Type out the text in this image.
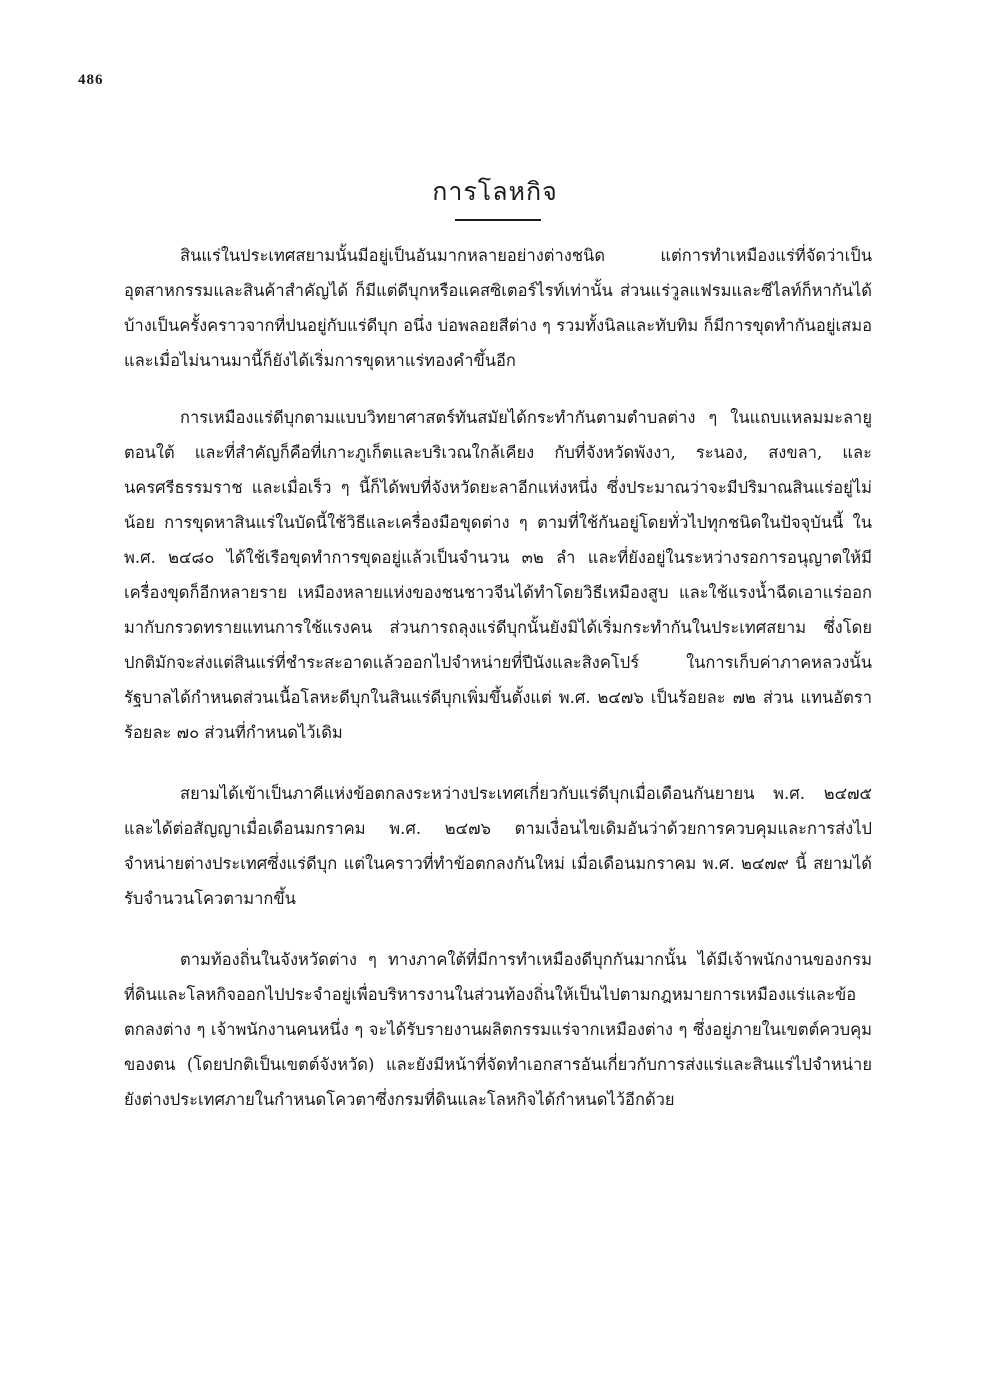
486
การโลหกิจ

สินแร่ในประเทศสยามนั้นมีอยู่เป็นอันมากหลายอย่างต่างชนิด แต่การทำเหมืองแร่ที่จัดว่าเป็นอุตสาหกรรมและสินค้าสำคัญได้ ก็มีแต่ดีบุกหรือแคสซิเตอร์ไรท์เท่านั้น ส่วนแร่วูลแฟรมและซีไลท์ก็หากันได้บ้างเป็นครั้งคราวจากที่ปนอยู่กับแร่ดีบุก อนึ่ง บ่อพลอยสีต่าง ๆ รวมทั้งนิลและทับทิม ก็มีการขุดทำกันอยู่เสมอ และเมื่อไม่นานมานี้ก็ยังได้เริ่มการขุดหาแร่ทองคำขึ้นอีก

การเหมืองแร่ดีบุกตามแบบวิทยาศาสตร์ทันสมัยได้กระทำกันตามตำบลต่าง ๆ ในแถบแหลมมะลายูตอนใต้ และที่สำคัญก็คือที่เกาะภูเก็ตและบริเวณใกล้เคียง กับที่จังหวัดพังงา, ระนอง, สงขลา, และนครศรีธรรมราช และเมื่อเร็ว ๆ นี้ก็ได้พบที่จังหวัดยะลาอีกแห่งหนึ่ง ซึ่งประมาณว่าจะมีปริมาณสินแร่อยู่ไม่น้อย การขุดหาสินแร่ในบัดนี้ใช้วิธีและเครื่องมือขุดต่าง ๆ ตามที่ใช้กันอยู่โดยทั่วไปทุกชนิดในปัจจุบันนี้ ใน พ.ศ. ๒๔๘๐ ได้ใช้เรือขุดทำการขุดอยู่แล้วเป็นจำนวน ๓๒ ลำ และที่ยังอยู่ในระหว่างรอการอนุญาตให้มีเครื่องขุดก็อีกหลายราย เหมืองหลายแห่งของชนชาวจีนได้ทำโดยวิธีเหมืองสูบ และใช้แรงน้ำฉีดเอาแร่ออกมากับกรวดทรายแทนการใช้แรงคน ส่วนการถลุงแร่ดีบุกนั้นยังมิได้เริ่มกระทำกันในประเทศสยาม ซึ่งโดยปกติมักจะส่งแต่สินแร่ที่ชำระสะอาดแล้วออกไปจำหน่ายที่ปีนังและสิงคโปร์ ในการเก็บค่าภาคหลวงนั้น รัฐบาลได้กำหนดส่วนเนื้อโลหะดีบุกในสินแร่ดีบุกเพิ่มขึ้นตั้งแต่ พ.ศ. ๒๔๗๖ เป็นร้อยละ ๗๒ ส่วน แทนอัตราร้อยละ ๗๐ ส่วนที่กำหนดไว้เดิม

สยามได้เข้าเป็นภาคีแห่งข้อตกลงระหว่างประเทศเกี่ยวกับแร่ดีบุกเมื่อเดือนกันยายน พ.ศ. ๒๔๗๕ และได้ต่อสัญญาเมื่อเดือนมกราคม พ.ศ. ๒๔๗๖ ตามเงื่อนไขเดิมอันว่าด้วยการควบคุมและการส่งไปจำหน่ายต่างประเทศซึ่งแร่ดีบุก แต่ในคราวที่ทำข้อตกลงกันใหม่ เมื่อเดือนมกราคม พ.ศ. ๒๔๗๙ นี้ สยามได้รับจำนวนโควตามากขึ้น

ตามท้องถิ่นในจังหวัดต่าง ๆ ทางภาคใต้ที่มีการทำเหมืองดีบุกกันมากนั้น ได้มีเจ้าพนักงานของกรมที่ดินและโลหกิจออกไปประจำอยู่เพื่อบริหารงานในส่วนท้องถิ่นให้เป็นไปตามกฎหมายการเหมืองแร่และข้อตกลงต่าง ๆ เจ้าพนักงานคนหนึ่ง ๆ จะได้รับรายงานผลิตกรรมแร่จากเหมืองต่าง ๆ ซึ่งอยู่ภายในเขตต์ควบคุมของตน (โดยปกติเป็นเขตต์จังหวัด) และยังมีหน้าที่จัดทำเอกสารอันเกี่ยวกับการส่งแร่และสินแร่ไปจำหน่ายยังต่างประเทศภายในกำหนดโควตาซึ่งกรมที่ดินและโลหกิจได้กำหนดไว้อีกด้วย
